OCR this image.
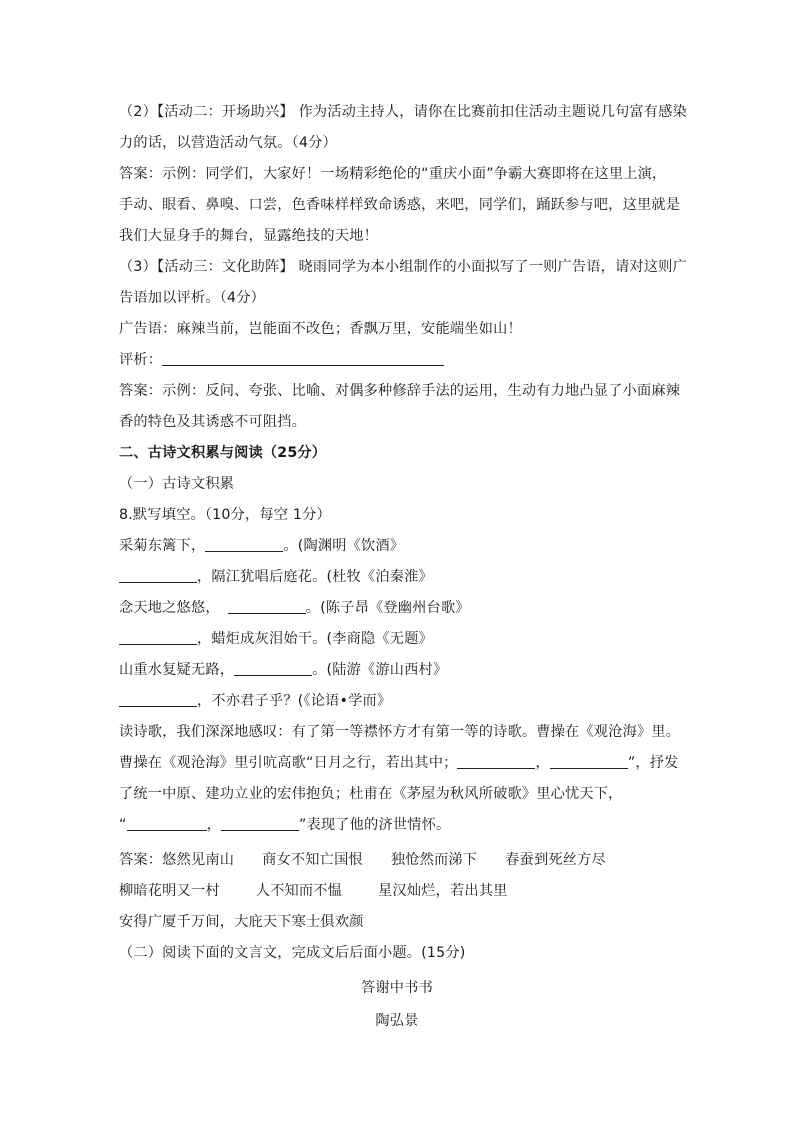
（2）【活动二：开场助兴】 作为活动主持人，请你在比赛前扣住活动主题说几句富有感染
力的话，以营造活动气氛。（4分）
答案：示例：同学们，大家好！一场精彩绝伦的“重庆小面”争霸大赛即将在这里上演，
手动、眼看、鼻嗅、口尝，色香味样样致命诱惑，来吧，同学们，踊跃参与吧，这里就是
我们大显身手的舞台，显露绝技的天地！
（3）【活动三：文化助阵】 晓雨同学为本小组制作的小面拟写了一则广告语，请对这则广
告语加以评析。（4分）
广告语：麻辣当前，岂能面不改色；香飘万里，安能端坐如山！
评析：
答案：示例：反问、夸张、比喻、对偶多种修辞手法的运用，生动有力地凸显了小面麻辣
香的特色及其诱惑不可阻挡。
二、古诗文积累与阅读（25分）
（一）古诗文积累
8.默写填空。（10分，每空 1分）
采菊东篱下，	。(陶渊明《饮酒》
，隔江犹唱后庭花。(杜牧《泊秦淮》
念天地之悠悠，	。(陈子昂《登幽州台歌》
，蜡炬成灰泪始干。(李商隐《无题》
山重水复疑无路，	。(陆游《游山西村》
，不亦君子乎？(《论语•学而》
读诗歌，我们深深地感叹：有了第一等襟怀方才有第一等的诗歌。曹操在《观沧海》里。
曹操在《观沧海》里引吭高歌“日月之行，若出其中；	，	”，抒发
了统一中原、建功立业的宏伟抱负；杜甫在《茅屋为秋风所破歌》里心忧天下，
“	，	”表现了他的济世情怀。
答案：悠然见南山 商女不知亡国恨 独怆然而涕下 春蚕到死丝方尽
柳暗花明又一村	人不知而不愠	星汉灿烂，若出其里
安得广厦千万间，大庇天下寒士俱欢颜
（二）阅读下面的文言文，完成文后后面小题。(15分)
答谢中书书
陶弘景
